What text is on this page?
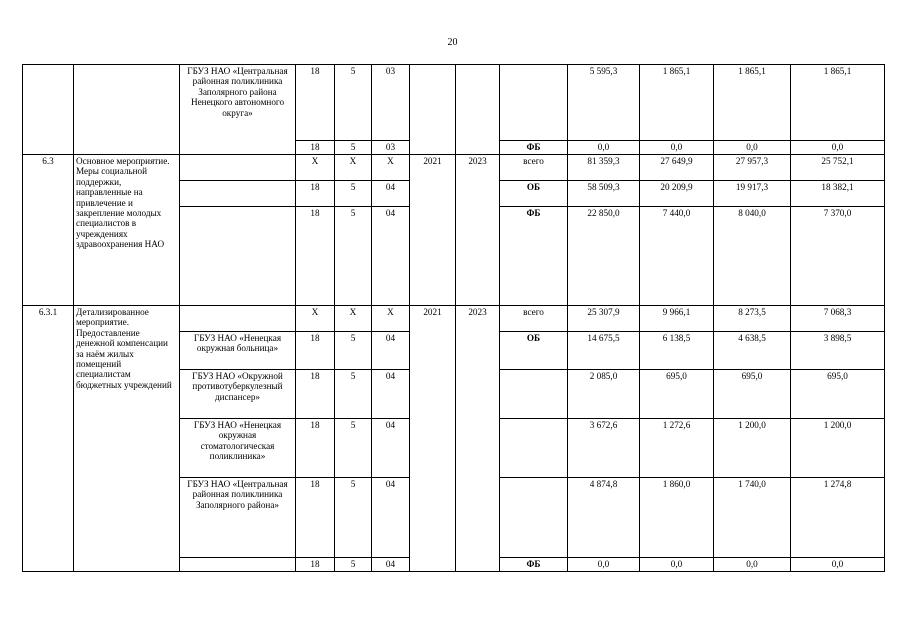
20
		ГБУЗ НАО «Центральная районная поликлиника Заполярного района Ненецкого автономного округа»	18	5	03				5 595,3	1 865,1	1 865,1	1 865,1
			18	5	03			ФБ	0,0	0,0	0,0	0,0
6.3	Основное мероприятие. Меры социальной поддержки, направленные на привлечение и закрепление молодых специалистов в учреждениях здравоохранения НАО		Х	Х	Х	2021	2023	всего	81 359,3	27 649,9	27 957,3	25 752,1
			18	5	04			ОБ	58 509,3	20 209,9	19 917,3	18 382,1
			18	5	04			ФБ	22 850,0	7 440,0	8 040,0	7 370,0
6.3.1	Детализированное мероприятие. Предоставление денежной компенсации за наём жилых помещений специалистам бюджетных учреждений		Х	Х	Х	2021	2023	всего	25 307,9	9 966,1	8 273,5	7 068,3
		ГБУЗ НАО «Ненецкая окружная больница»	18	5	04			ОБ	14 675,5	6 138,5	4 638,5	3 898,5
		ГБУЗ НАО «Окружной противотуберкулезный диспансер»	18	5	04				2 085,0	695,0	695,0	695,0
		ГБУЗ НАО «Ненецкая окружная стоматологическая поликлиника»	18	5	04				3 672,6	1 272,6	1 200,0	1 200,0
		ГБУЗ НАО «Центральная районная поликлиника Заполярного района»	18	5	04				4 874,8	1 860,0	1 740,0	1 274,8
			18	5	04			ФБ	0,0	0,0	0,0	0,0
